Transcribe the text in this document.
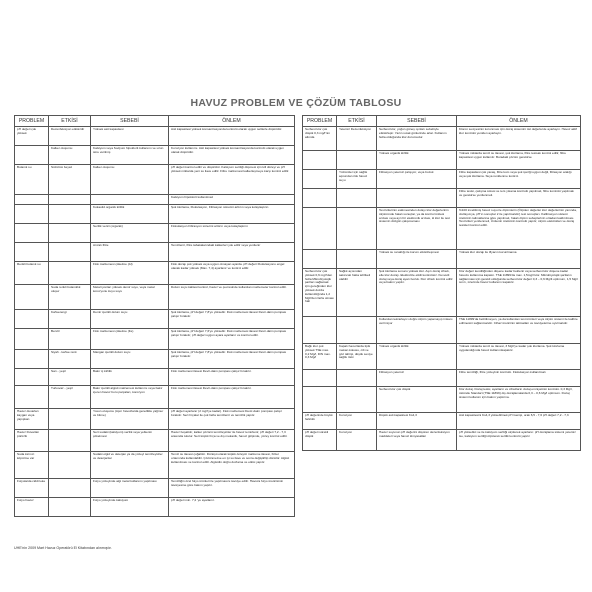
HAVUZ PROBLEM VE ÇÖZÜM TABLOSU
PROBLEM	ETKİSİ	SEBEBİ	ÖNLEM
pH değeri çok yüksek	Dezenfeksiyon etkisizdir	Yüksek asit kapasitesi	Asit kapasitesi yüksek konsantrasyonda kontrolü olarak uygun seltlerle düşürülür.
	Kalker oluşumu	Kalsiyum veya Sodyum hipoklorit kullanımı ve uzun süre verilmiş	Korozyon kullanımı. Asit kapasitesi yüksek konsantrasyonda kontrolü olarak uygun olarak düşürülür.
Bulanık su	Süzülmü beyaz	Kalker oluşumu	pH değeri kontrol edilir ve düşürülür. Kalsiyum sertliği düşmesi için kill düzeyi ve pH yüksek miktarda yeni su ilave edilir. Filtre malzemesi kalkerleşmeye karşı kontrol edilir.
			Kalsiyum hipoklorit kullanılmaz
		Kokaolid organik kirlilik	Şok klorlama, Flokulasyon, Filtrasyon sürecini arttırın veya kolaylaştırın
		Sertlik verici (organik)	Flokulasyon Filtrasyon sürecini arttırın veya kolaylaştırın
		Arızalı filtre	Temizlenir, filtre tabakalarındaki kalkerleri yok edilir veya yenilenir
Renkli bulanık su		Flok malzemesi çökelme (Al)	Flok dozajı çok yüksek veya uygun olmayan ayarda. pH değeri Flokulasyonu engel olacak kadar yüksek (Max. 7,4) ayarlanır ve kontrol edilir.
	Suda renkli bulanıklık oluşur	Metal iyonları yüksek demir suyu, veya metal korozyonu kuyu suyu	Dolum suyu kalitesi kontrol, havuz ve çevresinde kullanılan malzemeler kontrol edilir.
	Kahverengi	Demir içerikli dolum suyu	Şok klorlama, pH değeri 7,8'yu yükseltir. Flok malzemesi ilavesi Devir-daim pompası çalışır bırakılır.
	Benzil	Flok malzemesi çökelme (Fe)	Şok klorlama, pH değeri 7,6'yu yükseltir. Flok malzemesi ilavesi Devir-daim pompası çalışır bırakılır, pH değeri uygun ayara ayarlanır ve kontrol edilir.
	Siyah - kahve renk	Mangan içerikli dolum suyu	Şok klorlama, pH değeri 7,8'yu yükseltir. Flok malzemesi ilavesi Devir-daim pompası çalışır bırakılır.
	Sarı - yeşil	Bakır iç kirlilik	Flok malzemesi ilavesi Devir-daim pompası çalışır bırakılır.
	Turkuvaz - yeşil	Bakır içerikli algisit malzemesi kullanımı veya bakır içeren havuz boru parçaları, korozyon	Flok malzemesi ilavesi Devir-daim pompası çalışır bırakılır.
Havuz duvarları kaygan veya yapışkan		Yosun oluşumu (Aşırı havuzlarda genellikle yağmur ve bitme)	pH değeri ayarlanır (2 mg/l'ye kadar). Flok malzemesi Devir-daim pompası çalışır bırakılır. Sert fırçalar ile çok fazla temizlenir ve temizlik yapılır.
Havuz Duvarları pürüzlü		Sert sudaki (kalsiyum) sertlik veya yelkenin çökelmesi	Havuz boşaltılır, kalker çözücü temizleyiciler ile havuz temizlenir, pH değeri 7,2 - 7,3 arasında tutulur. Sert küçük fırça ve dış mekanik, havuz girişinde, yüzey kontrol edilir.
Suda kırmızı köpürme var		Sudaki olgid ve deterjan ya da yüzeyi temizleyiciler ve deterjanlar	Temiz su ilavesi çoğaltılır. Dönüşü olarak köpük önleyici malzeme ilavesi, Kriter ortamında kullanılabilir. Çözünmezse en iyi su ilave ve sonra değiştirilip dönülür. Algisit kullanılması ve kontrol edilir. Algisidin doğru dozlama ve etkisi yapılır.
Folyolarda ciddi leke		Folyo yüzeyinde algi metal kullanımı yapılması	Temizliğin özel folyo ürünleri ile yapılmasını tavsiye edilir. Havuza folyo üreticisinin tavsiyesine göre bakım yapılır.
Folyo havuz		Folyo yüzeyinde kalsiyum	pH değeri min. 7,2 'ye ayarlanır.
PROBLEM	ETKİSİ	SEBEBİ	ÖNLEM
Serbest klor çok düşük 0,3 mg/l'nin altında	Yetersiz Dezenfeksiyon	Serbest klor, yoğun güneş ışınları sebebiyle etkisizleşir. Yazın sıcak günlerinde artar. Kullanım fazla olduğunda klor durumudur.	Kloron seviyesinin korunması için dozaj sistemini üst değerlerde ayarlayın. Havuz aktif klor kontrolü yeniden ayarlayın.
		Yüksek organik kirlilik	Yüksek miktarda temiz su ilavesi, şok klorlama, filtre tesisatı kontrol edilir, filtre kapasitesi uygun kullanılır. Buradaki çözüm gerekirse
	Yüzücüler için sağlık açısından risk havuz suyu	Filtrasyon yetersiz çalışıyor, veya bozuk	Filtre kapasitesi çok yavaş, filtre kum veya şok içeriği uygun değil, filtrasyon aralığı veya şok klorlama. Suya renklenme kontrol.
			Filtre tesisi, çalışma süresi ve ters yıkama kontrolü yapılmalı, filtre kontrolü yapılmalı ve gerekirse yenilenmeli.
		Test kitlerinin eskimesinden dolayı klor değerlerinin ölçümünde hatalı sonuçlar, ya da kontrol ünitesi arızası veya ayrı bir elektronik arızası, ki klor ile test sistemin düzgün çalışmaması	%100 inceltilmiş havuz suyu ile ölçümlerin (Ölçülen değerler klor değerlerinin yanında, dozlayıcıya, pH'ın sonuçlar 2 ile yapılmalıdır) test sonuçları. Kalibrasyon sistemi üreticinin talimatlarına göre yapılmalı, hatalı ölçüm sebeplerinin ortadan kaldırılması. Test kitleri yenilenmeli, Ünitenin üreticinin kontrolü yapılır, ölçüm elektrotları ve dozaj tesisleri kontrol edilir.
		Yüksek su sıcaklığı ile korum etkisizleşmesi	Yüksek klor dozajı ile iflyacın korunlmama
Serbest klor çok yüksek 0,6 mg/l'den fazla Mikrobiyolojik şartları sağlamak için gereğinden klor yüksek dozda kullanıldığında 1,2 Mg/l'den fazla olması hali	Sağlık açısından sakıncalı hatta tehlikeli olabilir	Şok klorlama sonucu yüksek klor. Aşırı dozaj cihazı, elle klor dozajı. Elektrolize etkili kontrolsüz. Kuvvetli dozaj veya dozaj ayarı bozuk. Klor cihazı kontrol edilir veya bakım yapılır.	Klor değeri kendiliğinden düşene kadar beklenir veya serbest klor düşene kadar havuzu kullanıma kapatın. TSE 11899'da max. 1,5mg/l klor. Mikrobiyolojik şartların sağlanması için gerekli olduğunda serbest klor değeri 0,3 – 0,6 Mg/lt optimum, 1,5 Mg/l sınırı, üzerinde havuz kullanımı kapatılır.
		Kullanılan tekrarlayıcı doğru ölçüm yapamayıp imkanı verirmiyor	TSE 11899'da belirtilmeyen, ya da kullanılan test ürünleri veya ölçüm sistemi ile kalibre edilmesini sağlanmalıdır. Cihaz üreticinin talimatları ve tavsiyelerine uyulmalıdır.
Bağlı klor çok yüksek TSE max. 0,2 Mg/l, DIN max. 0,3 Mg/l	Kapalı havuzlarda tipik mekan kokusu, cilt ve göz tahrişi, düşük seviye sağlık riski	Yüksek organik kirlilik	Yüksek miktarda temiz su ilavesi, 3 Mg/l'ye kadar şok klorlama. Şok klorlama uygulandığında havuz kullanımkapatılır.
		Filtrasyon yetersiz	Filtre temizliği, filtre yüzeyinin kontrolü. Flokulasyon kullanılmalı
		Serbest klor çok düşük	Klor dozaj. Dozaj tesisi, ayarların ve cihazların dozaj emniyetinin kontrolü. 0,3 Mg/l, üstünde Standart (TSE 11899) dış dozajlamalarda 0,3 – 0,6 Mg/l optimum. Dozaj sistemi kullanım için bakım yaptırma.
pH değerinde büyük farklılık	Korozyon	Düşük asit kapasitesi Ks4,3	Asit kapasitesini Ks4,3 yükseltilmek pH Genişi, orak 6,5 - 7,6 pH değeri 7,2 - 7,3
pH değeri sürekli düşük	Korozyon	Havuz suyunun pH değerini düşüren dezenfeksiyon maddeleri veya havuz kimyasalları	pH yükseltici ve ile kalsiyum sertliği olçülerek ayarlanır. pH dozajlama sistemi yetersiz ise, kalsiyum sertliği ölçülerek sertlik kontrolü yapılır
UHE'nin 2009 Mart Havuz Operatörü El Kitabından alınmıştır.
